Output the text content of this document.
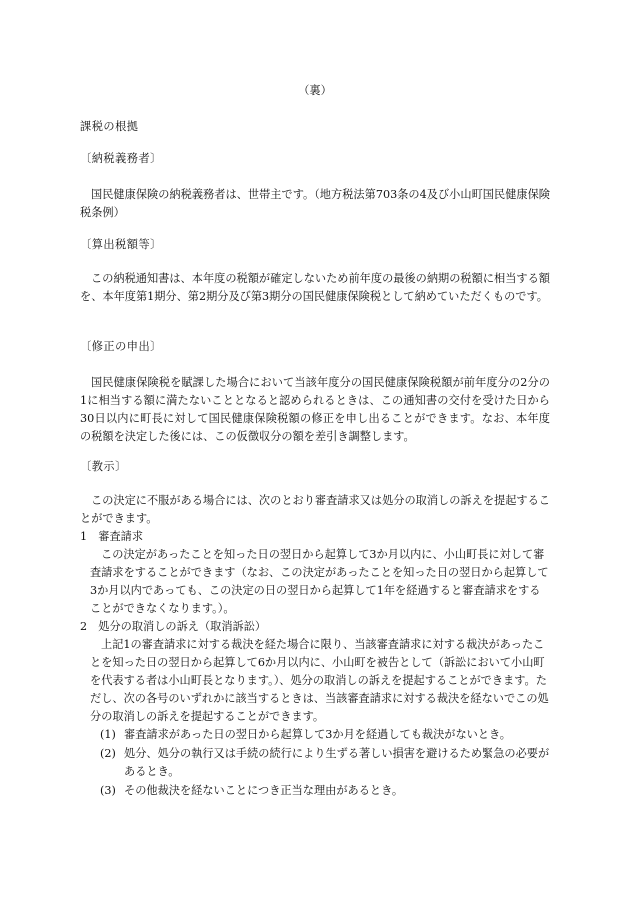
（裏）

課税の根拠

〔納税義務者〕

国民健康保険の納税義務者は、世帯主です。（地方税法第703条の4及び小山町国民健康保険税条例）

〔算出税額等〕

この納税通知書は、本年度の税額が確定しないため前年度の最後の納期の税額に相当する額を、本年度第1期分、第2期分及び第3期分の国民健康保険税として納めていただくものです。

〔修正の申出〕

国民健康保険税を賦課した場合において当該年度分の国民健康保険税額が前年度分の2分の1に相当する額に満たないこととなると認められるときは、この通知書の交付を受けた日から30日以内に町長に対して国民健康保険税額の修正を申し出ることができます。なお、本年度の税額を決定した後には、この仮徴収分の額を差引き調整します。

〔教示〕

この決定に不服がある場合には、次のとおり審査請求又は処分の取消しの訴えを提起することができます。

1　審査請求

この決定があったことを知った日の翌日から起算して3か月以内に、小山町長に対して審査請求をすることができます（なお、この決定があったことを知った日の翌日から起算して3か月以内であっても、この決定の日の翌日から起算して1年を経過すると審査請求をすることができなくなります。）。

2　処分の取消しの訴え（取消訴訟）

上記1の審査請求に対する裁決を経た場合に限り、当該審査請求に対する裁決があったことを知った日の翌日から起算して6か月以内に、小山町を被告として（訴訟において小山町を代表する者は小山町長となります。）、処分の取消しの訴えを提起することができます。ただし、次の各号のいずれかに該当するときは、当該審査請求に対する裁決を経ないでこの処分の取消しの訴えを提起することができます。

(1) 審査請求があった日の翌日から起算して3か月を経過しても裁決がないとき。
(2) 処分、処分の執行又は手続の続行により生ずる著しい損害を避けるため緊急の必要があるとき。
(3) その他裁決を経ないことにつき正当な理由があるとき。
